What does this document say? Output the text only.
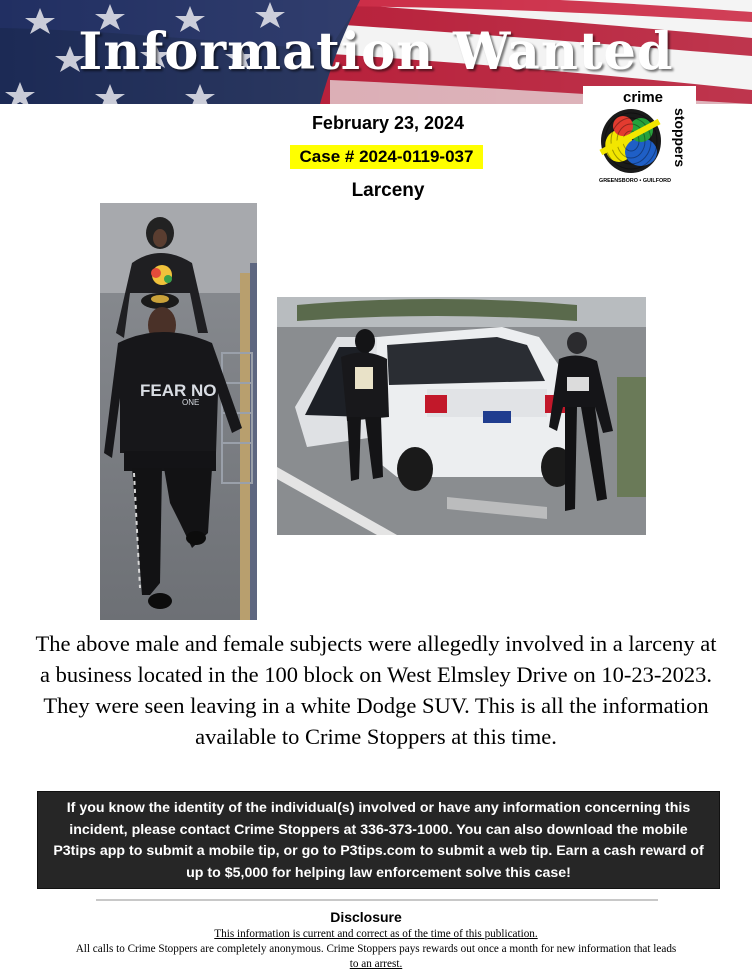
Information Wanted
crime
stoppers
GREENSBORO • GUILFORD
February 23, 2024
Case # 2024-0119-037
Larceny
FEAR NO
ONE
The above male and female subjects were allegedly involved in a larceny at a business located in the 100 block on West Elmsley Drive on 10-23-2023. They were seen leaving in a white Dodge SUV. This is all the information available to Crime Stoppers at this time.
If you know the identity of the individual(s) involved or have any information concerning this incident, please contact Crime Stoppers at 336-373-1000. You can also download the mobile P3tips app to submit a mobile tip, or go to P3tips.com to submit a web tip. Earn a cash reward of up to $5,000 for helping law enforcement solve this case!
Disclosure
This information is current and correct as of the time of this publication.
All calls to Crime Stoppers are completely anonymous. Crime Stoppers pays rewards out once a month for new information that leads
to an arrest.
